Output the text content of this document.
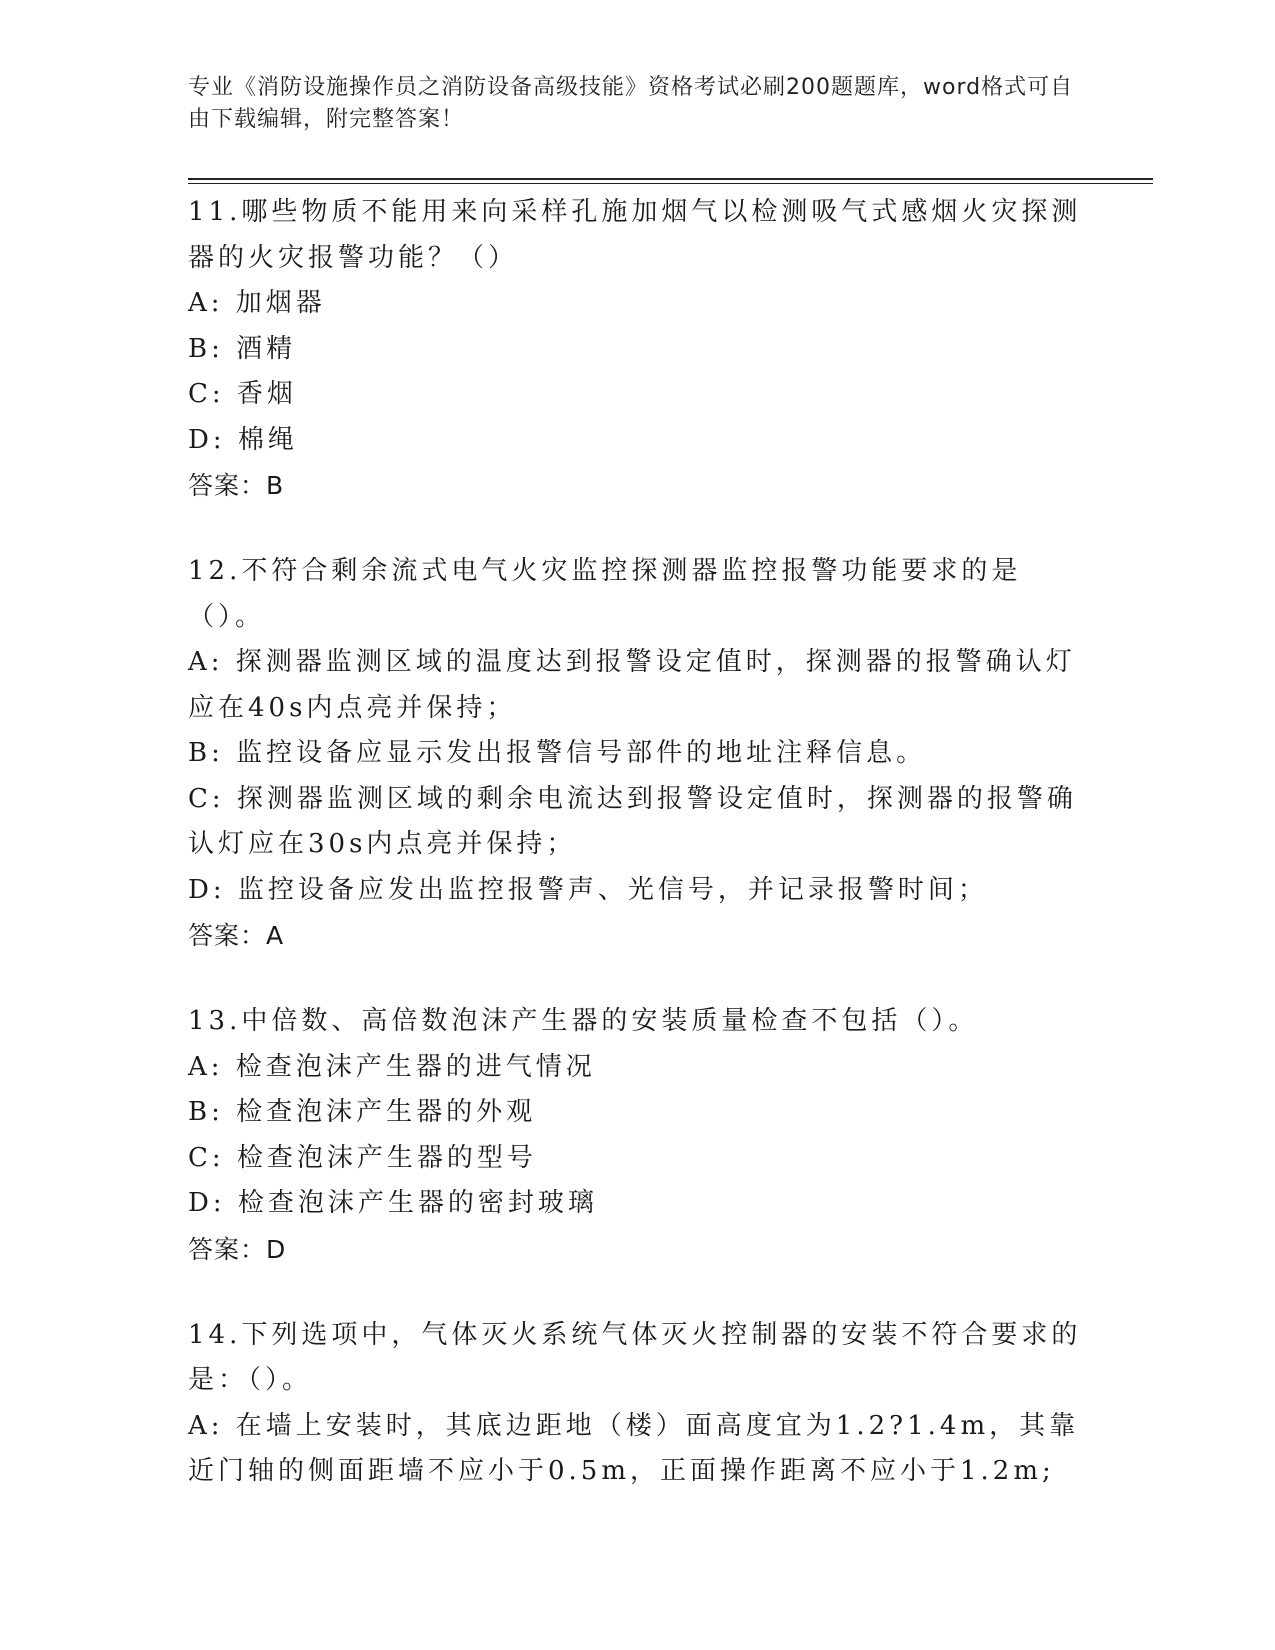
专业《消防设施操作员之消防设备高级技能》资格考试必刷200题题库，word格式可自由下载编辑，附完整答案！
11.哪些物质不能用来向采样孔施加烟气以检测吸气式感烟火灾探测器的火灾报警功能？（）
A: 加烟器
B: 酒精
C: 香烟
D: 棉绳
答案：B
12.不符合剩余流式电气火灾监控探测器监控报警功能要求的是（）。
A: 探测器监测区域的温度达到报警设定值时，探测器的报警确认灯应在40s内点亮并保持；
B: 监控设备应显示发出报警信号部件的地址注释信息。
C: 探测器监测区域的剩余电流达到报警设定值时，探测器的报警确认灯应在30s内点亮并保持；
D: 监控设备应发出监控报警声、光信号，并记录报警时间；
答案：A
13.中倍数、高倍数泡沫产生器的安装质量检查不包括（）。
A: 检查泡沫产生器的进气情况
B: 检查泡沫产生器的外观
C: 检查泡沫产生器的型号
D: 检查泡沫产生器的密封玻璃
答案：D
14.下列选项中，气体灭火系统气体灭火控制器的安装不符合要求的是：（）。
A: 在墙上安装时，其底边距地（楼）面高度宜为1.2?1.4m，其靠近门轴的侧面距墙不应小于0.5m，正面操作距离不应小于1.2m;
